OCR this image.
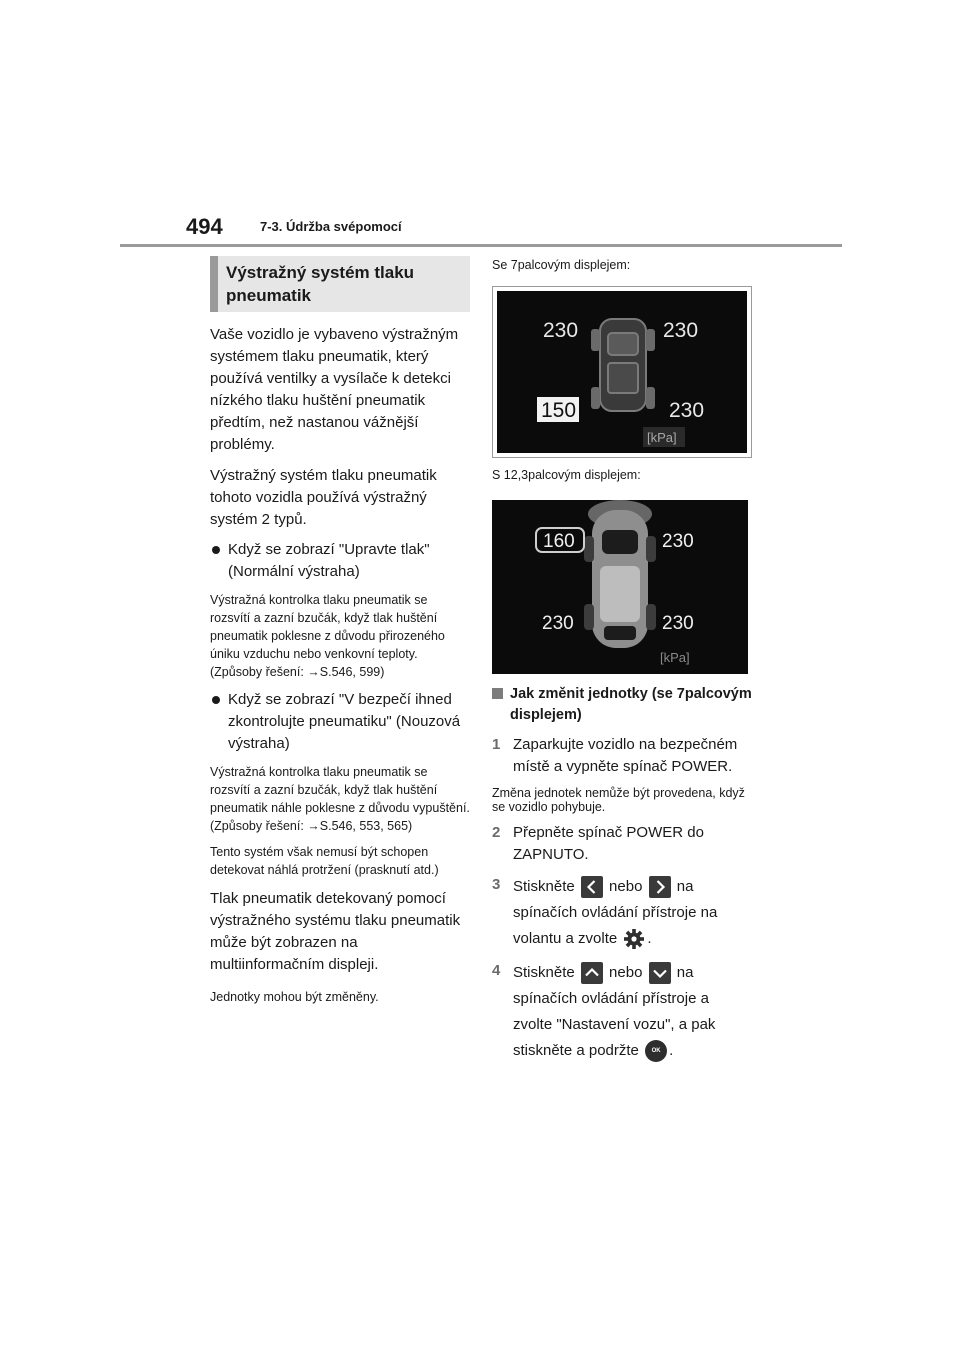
494	7-3. Údržba svépomocí
Výstražný systém tlaku
pneumatik

Vaše vozidlo je vybaveno výstražným systémem tlaku pneumatik, který používá ventilky a vysílače k detekci nízkého tlaku huštění pneumatik předtím, než nastanou vážnější problémy.

Výstražný systém tlaku pneumatik tohoto vozidla používá výstražný systém 2 typů.

Když se zobrazí "Upravte tlak" (Normální výstraha)

Výstražná kontrolka tlaku pneumatik se rozsvítí a zazní bzučák, když tlak huštění pneumatik poklesne z důvodu přirozeného úniku vzduchu nebo venkovní teploty.

(Způsoby řešení: →S.546, 599)

Když se zobrazí "V bezpečí ihned zkontrolujte pneumatiku" (Nouzová výstraha)

Výstražná kontrolka tlaku pneumatik se rozsvítí a zazní bzučák, když tlak huštění pneumatik náhle poklesne z důvodu vypuštění.

(Způsoby řešení: →S.546, 553, 565)

Tento systém však nemusí být schopen detekovat náhlá protržení (prasknutí atd.)

Tlak pneumatik detekovaný pomocí výstražného systému tlaku pneumatik může být zobrazen na multiinformačním displeji.

Jednotky mohou být změněny.

Se 7palcovým displejem:

230	230
150	230
[kPa]

S 12,3palcovým displejem:

160	230
230	230
[kPa]
Jak změnit jednotky (se 7palcovým displejem)
1 Zaparkujte vozidlo na bezpečném místě a vypněte spínač POWER.

Změna jednotek nemůže být provedena, když se vozidlo pohybuje.

2 Přepněte spínač POWER do ZAPNUTO.
3 Stiskněte nebo na spínačích ovládání přístroje na volantu a zvolte .
4 Stiskněte nebo na spínačích ovládání přístroje a zvolte "Nastavení vozu", a pak stiskněte a podržte OK .
